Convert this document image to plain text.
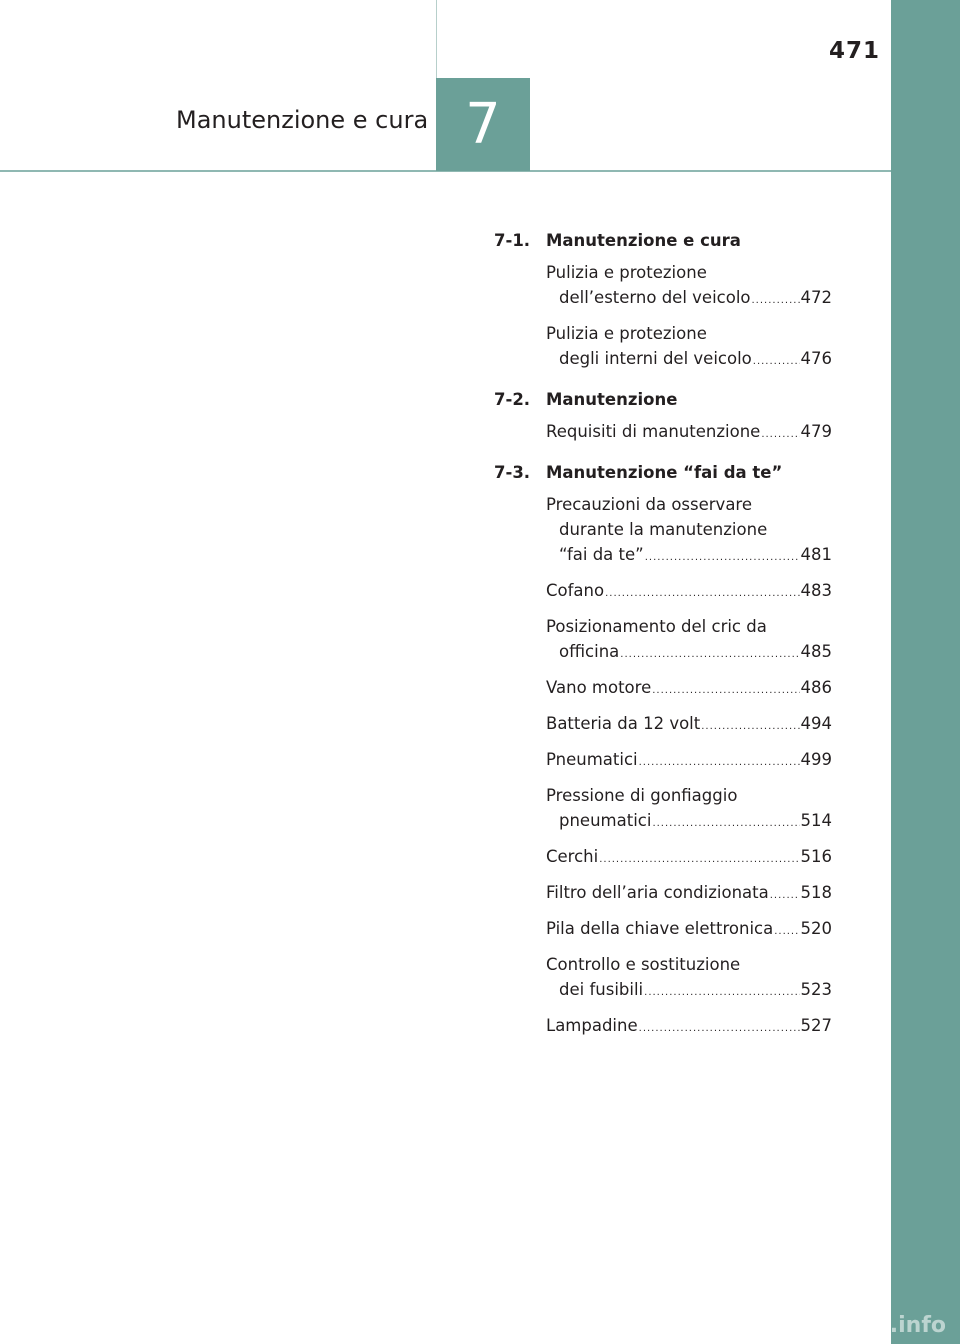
471
Manutenzione e cura 7
7-1. Manutenzione e cura
Pulizia e protezione
dell’esterno del veicolo .....	472
Pulizia e protezione
degli interni del veicolo .....	476
7-2. Manutenzione
Requisiti di manutenzione ..... 479
7-3. Manutenzione “fai da te”
Precauzioni da osservare
durante la manutenzione
“fai da te” .....	481
Cofano .....	483
Posizionamento del cric da
officina .....	485
Vano motore .....	486
Batteria da 12 volt .....	494
Pneumatici .....	499
Pressione di gonfiaggio
pneumatici .....	514
Cerchi .....	516
Filtro dell’aria condizionata ..... 518
Pila della chiave elettronica ..... 520
Controllo e sostituzione
dei fusibili .....	523
Lampadine .....	527
carmanualsonline.info
